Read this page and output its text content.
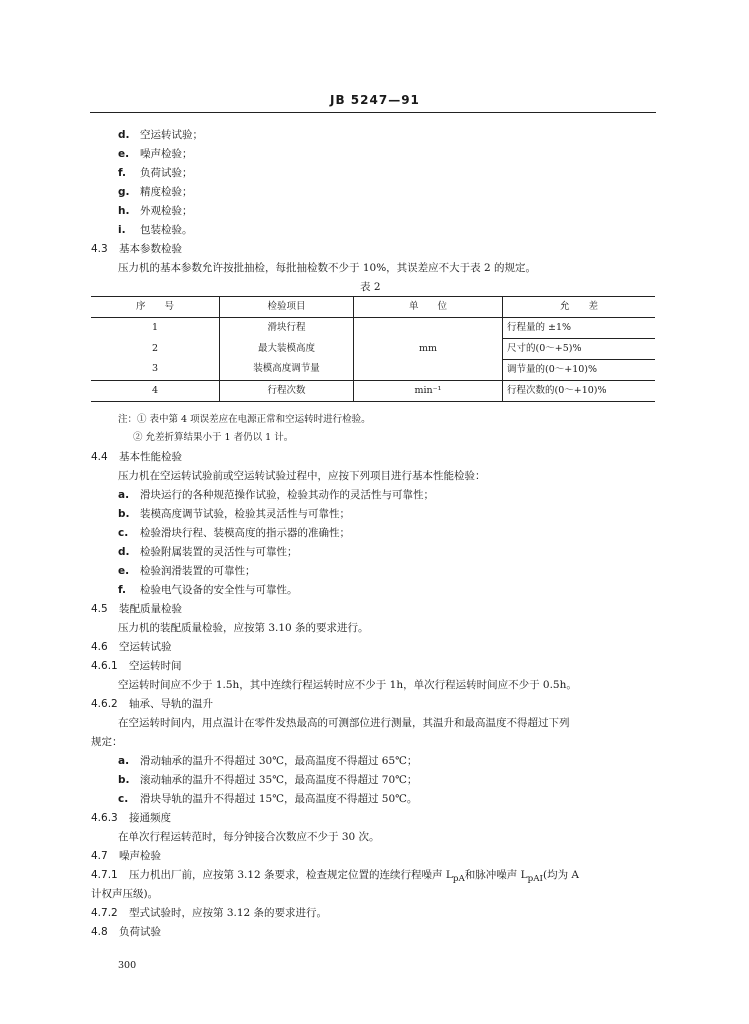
JB 5247—91
d. 空运转试验；
e. 噪声检验；
f. 负荷试验；
g. 精度检验；
h. 外观检验；
i. 包装检验。
4.3 基本参数检验
压力机的基本参数允许按批抽检，每批抽检数不少于 10%，其误差应不大于表 2 的规定。
表 2
序　　号	检验项目	单　　位	允　　差
1	滑块行程	mm	行程量的 ±1%
2	最大装模高度		尺寸的(0～+5)%
3	装模高度调节量		调节量的(0～+10)%
4	行程次数	min⁻¹	行程次数的(0～+10)%
注：① 表中第 4 项误差应在电源正常和空运转时进行检验。
② 允差折算结果小于 1 者仍以 1 计。
4.4 基本性能检验
压力机在空运转试验前或空运转试验过程中，应按下列项目进行基本性能检验：
a. 滑块运行的各种规范操作试验，检验其动作的灵活性与可靠性；
b. 装模高度调节试验，检验其灵活性与可靠性；
c. 检验滑块行程、装模高度的指示器的准确性；
d. 检验附属装置的灵活性与可靠性；
e. 检验润滑装置的可靠性；
f. 检验电气设备的安全性与可靠性。
4.5 装配质量检验
压力机的装配质量检验，应按第 3.10 条的要求进行。
4.6 空运转试验
4.6.1 空运转时间
空运转时间应不少于 1.5h，其中连续行程运转时应不少于 1h，单次行程运转时间应不少于 0.5h。
4.6.2 轴承、导轨的温升
在空运转时间内，用点温计在零件发热最高的可测部位进行测量，其温升和最高温度不得超过下列
规定：
a. 滑动轴承的温升不得超过 30℃，最高温度不得超过 65℃；
b. 滚动轴承的温升不得超过 35℃，最高温度不得超过 70℃；
c. 滑块导轨的温升不得超过 15℃，最高温度不得超过 50℃。
4.6.3 接通频度
在单次行程运转范时，每分钟接合次数应不少于 30 次。
4.7 噪声检验
4.7.1 压力机出厂前，应按第 3.12 条要求，检查规定位置的连续行程噪声 $L_{pA}$和脉冲噪声 $L_{pAI}$(均为 A
计权声压级)。
4.7.2 型式试验时，应按第 3.12 条的要求进行。
4.8 负荷试验
300
